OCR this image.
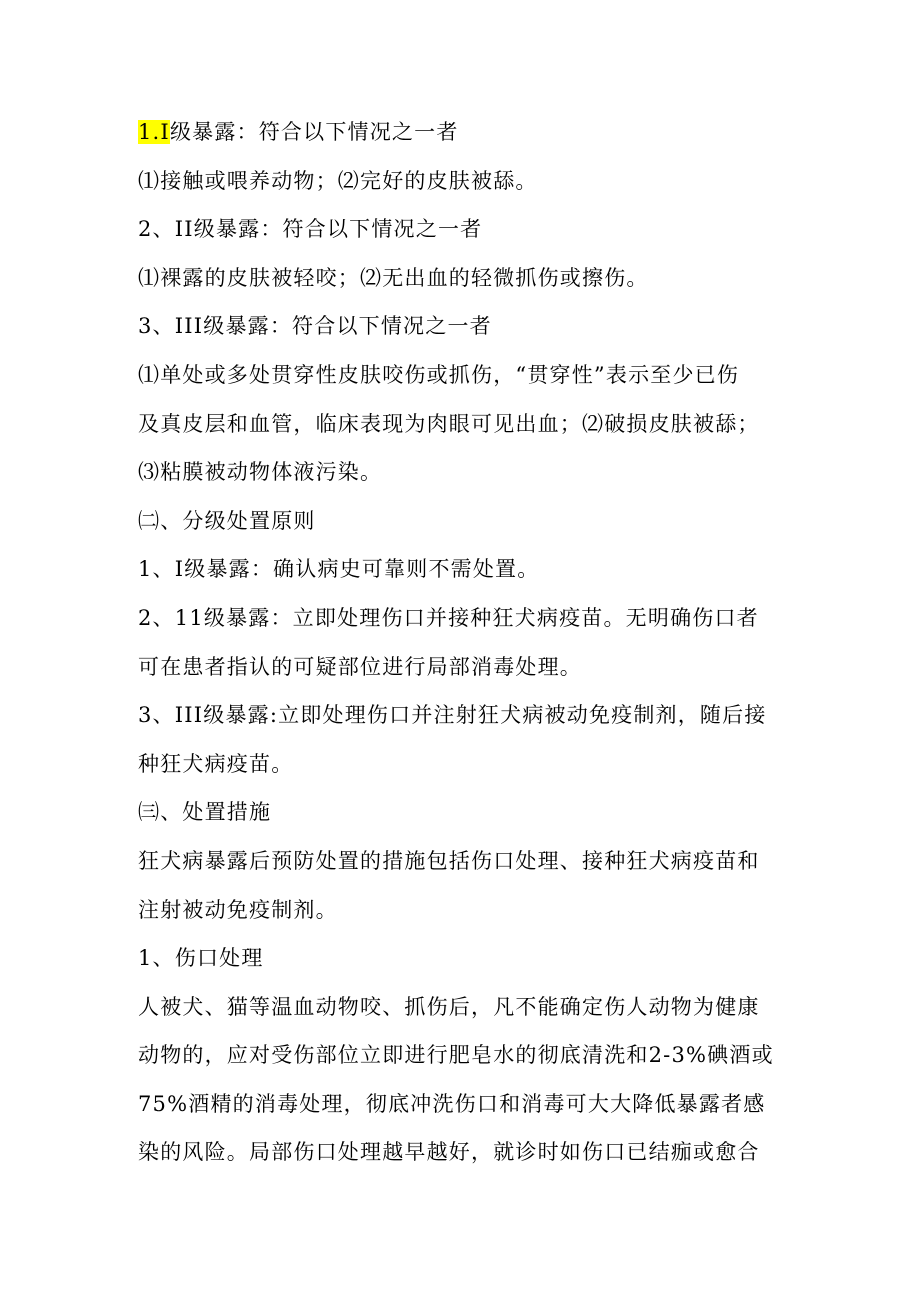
1.I级暴露：符合以下情况之一者
⑴接触或喂养动物；⑵完好的皮肤被舔。
2、II级暴露：符合以下情况之一者
⑴裸露的皮肤被轻咬；⑵无出血的轻微抓伤或擦伤。
3、III级暴露：符合以下情况之一者
⑴单处或多处贯穿性皮肤咬伤或抓伤，“贯穿性”表示至少已伤
及真皮层和血管，临床表现为肉眼可见出血；⑵破损皮肤被舔；
⑶粘膜被动物体液污染。
㈡、分级处置原则
1、I级暴露：确认病史可靠则不需处置。
2、11级暴露：立即处理伤口并接种狂犬病疫苗。无明确伤口者
可在患者指认的可疑部位进行局部消毒处理。
3、III级暴露:立即处理伤口并注射狂犬病被动免疫制剂，随后接
种狂犬病疫苗。
㈢、处置措施
狂犬病暴露后预防处置的措施包括伤口处理、接种狂犬病疫苗和
注射被动免疫制剂。
1、伤口处理
人被犬、猫等温血动物咬、抓伤后，凡不能确定伤人动物为健康
动物的，应对受伤部位立即进行肥皂水的彻底清洗和2-3%碘酒或
75%酒精的消毒处理，彻底冲洗伤口和消毒可大大降低暴露者感
染的风险。局部伤口处理越早越好，就诊时如伤口已结痂或愈合
